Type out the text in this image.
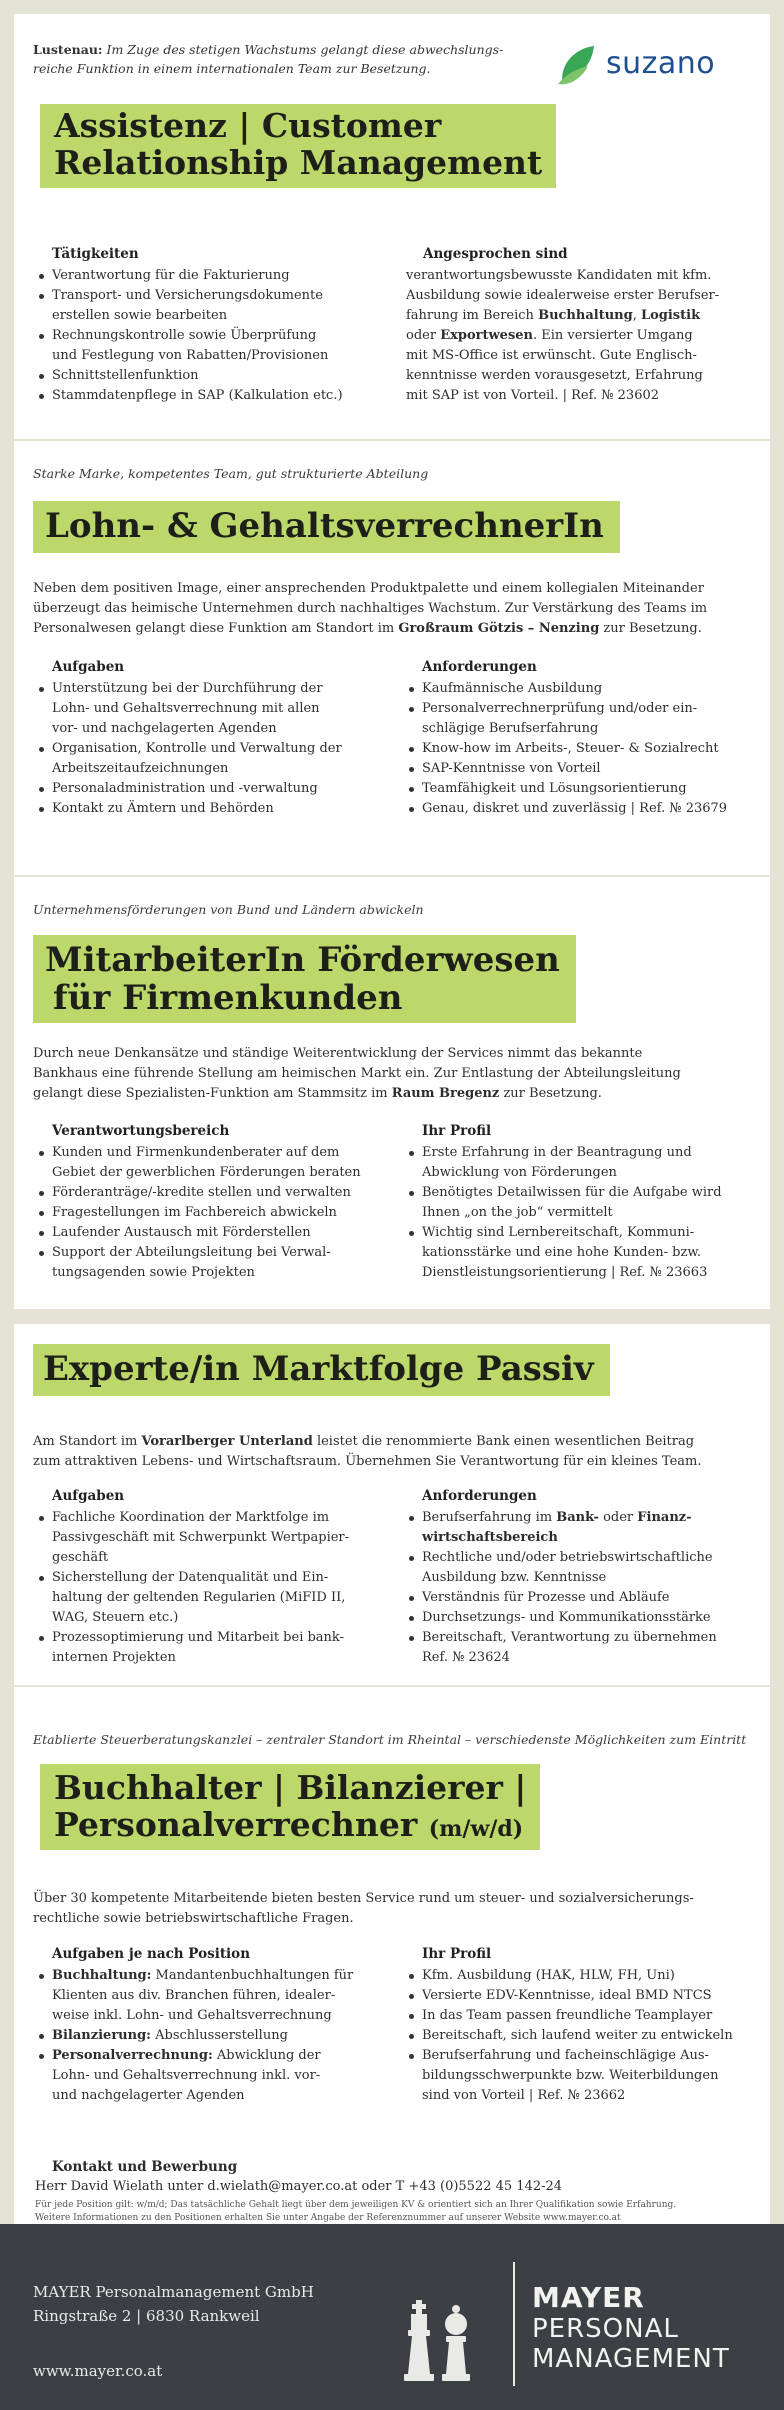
Lustenau: Im Zuge des stetigen Wachstums gelangt diese abwechslungs-reiche Funktion in einem internationalen Team zur Besetzung.	suzano
Assistenz | Customer
Relationship Management
Tätigkeiten
Verantwortung für die Fakturierung
Transport- und Versicherungsdokumente
erstellen sowie bearbeiten
Rechnungskontrolle sowie Überprüfung
und Festlegung von Rabatten/Provisionen
Schnittstellenfunktion
Stammdatenpflege in SAP (Kalkulation etc.)
Angesprochen sind
verantwortungsbewusste Kandidaten mit kfm.
Ausbildung sowie idealerweise erster Berufser-
fahrung im Bereich Buchhaltung, Logistik
oder Exportwesen. Ein versierter Umgang
mit MS-Office ist erwünscht. Gute Englisch-
kenntnisse werden vorausgesetzt, Erfahrung
mit SAP ist von Vorteil. | Ref. № 23602
Starke Marke, kompetentes Team, gut strukturierte Abteilung
Lohn- & GehaltsverrechnerIn
Neben dem positiven Image, einer ansprechenden Produktpalette und einem kollegialen Miteinander
überzeugt das heimische Unternehmen durch nachhaltiges Wachstum. Zur Verstärkung des Teams im
Personalwesen gelangt diese Funktion am Standort im Großraum Götzis – Nenzing zur Besetzung.
Aufgaben
Unterstützung bei der Durchführung der
Lohn- und Gehaltsverrechnung mit allen
vor- und nachgelagerten Agenden
Organisation, Kontrolle und Verwaltung der
Arbeitszeitaufzeichnungen
Personaladministration und -verwaltung
Kontakt zu Ämtern und Behörden
Anforderungen
Kaufmännische Ausbildung
Personalverrechnerprüfung und/oder ein-
schlägige Berufserfahrung
Know-how im Arbeits-, Steuer- & Sozialrecht
SAP-Kenntnisse von Vorteil
Teamfähigkeit und Lösungsorientierung
Genau, diskret und zuverlässig | Ref. № 23679
Unternehmensförderungen von Bund und Ländern abwickeln
MitarbeiterIn Förderwesen
für Firmenkunden
Durch neue Denkansätze und ständige Weiterentwicklung der Services nimmt das bekannte
Bankhaus eine führende Stellung am heimischen Markt ein. Zur Entlastung der Abteilungsleitung
gelangt diese Spezialisten-Funktion am Stammsitz im Raum Bregenz zur Besetzung.
Verantwortungsbereich
Kunden und Firmenkundenberater auf dem
Gebiet der gewerblichen Förderungen beraten
Förderanträge/-kredite stellen und verwalten
Fragestellungen im Fachbereich abwickeln
Laufender Austausch mit Förderstellen
Support der Abteilungsleitung bei Verwal-
tungsagenden sowie Projekten
Ihr Profil
Erste Erfahrung in der Beantragung und
Abwicklung von Förderungen
Benötigtes Detailwissen für die Aufgabe wird
Ihnen „on the job“ vermittelt
Wichtig sind Lernbereitschaft, Kommuni-
kationsstärke und eine hohe Kunden- bzw.
Dienstleistungsorientierung | Ref. № 23663
Experte/in Marktfolge Passiv
Am Standort im Vorarlberger Unterland leistet die renommierte Bank einen wesentlichen Beitrag
zum attraktiven Lebens- und Wirtschaftsraum. Übernehmen Sie Verantwortung für ein kleines Team.
Aufgaben
Fachliche Koordination der Marktfolge im
Passivgeschäft mit Schwerpunkt Wertpapier-
geschäft
Sicherstellung der Datenqualität und Ein-
haltung der geltenden Regularien (MiFID II,
WAG, Steuern etc.)
Prozessoptimierung und Mitarbeit bei bank-
internen Projekten
Anforderungen
Berufserfahrung im Bank- oder Finanz-
wirtschaftsbereich
Rechtliche und/oder betriebswirtschaftliche
Ausbildung bzw. Kenntnisse
Verständnis für Prozesse und Abläufe
Durchsetzungs- und Kommunikationsstärke
Bereitschaft, Verantwortung zu übernehmen
Ref. № 23624
Etablierte Steuerberatungskanzlei – zentraler Standort im Rheintal – verschiedenste Möglichkeiten zum Eintritt
Buchhalter | Bilanzierer |
Personalverrechner (m/w/d)
Über 30 kompetente Mitarbeitende bieten besten Service rund um steuer- und sozialversicherungs-
rechtliche sowie betriebswirtschaftliche Fragen.
Aufgaben je nach Position
Buchhaltung: Mandantenbuchhaltungen für
Klienten aus div. Branchen führen, idealer-
weise inkl. Lohn- und Gehaltsverrechnung
Bilanzierung: Abschlusserstellung
Personalverrechnung: Abwicklung der
Lohn- und Gehaltsverrechnung inkl. vor-
und nachgelagerter Agenden
Ihr Profil
Kfm. Ausbildung (HAK, HLW, FH, Uni)
Versierte EDV-Kenntnisse, ideal BMD NTCS
In das Team passen freundliche Teamplayer
Bereitschaft, sich laufend weiter zu entwickeln
Berufserfahrung und facheinschlägige Aus-
bildungsschwerpunkte bzw. Weiterbildungen
sind von Vorteil | Ref. № 23662
Kontakt und Bewerbung
Herr David Wielath unter d.wielath@mayer.co.at oder T +43 (0)5522 45 142-24
Für jede Position gilt: w/m/d; Das tatsächliche Gehalt liegt über dem jeweiligen KV & orientiert sich an Ihrer Qualifikation sowie Erfahrung.
Weitere Informationen zu den Positionen erhalten Sie unter Angabe der Referenznummer auf unserer Website www.mayer.co.at
MAYER Personalmanagement GmbH
Ringstraße 2 | 6830 Rankweil
www.mayer.co.at
MAYER
PERSONAL
MANAGEMENT
